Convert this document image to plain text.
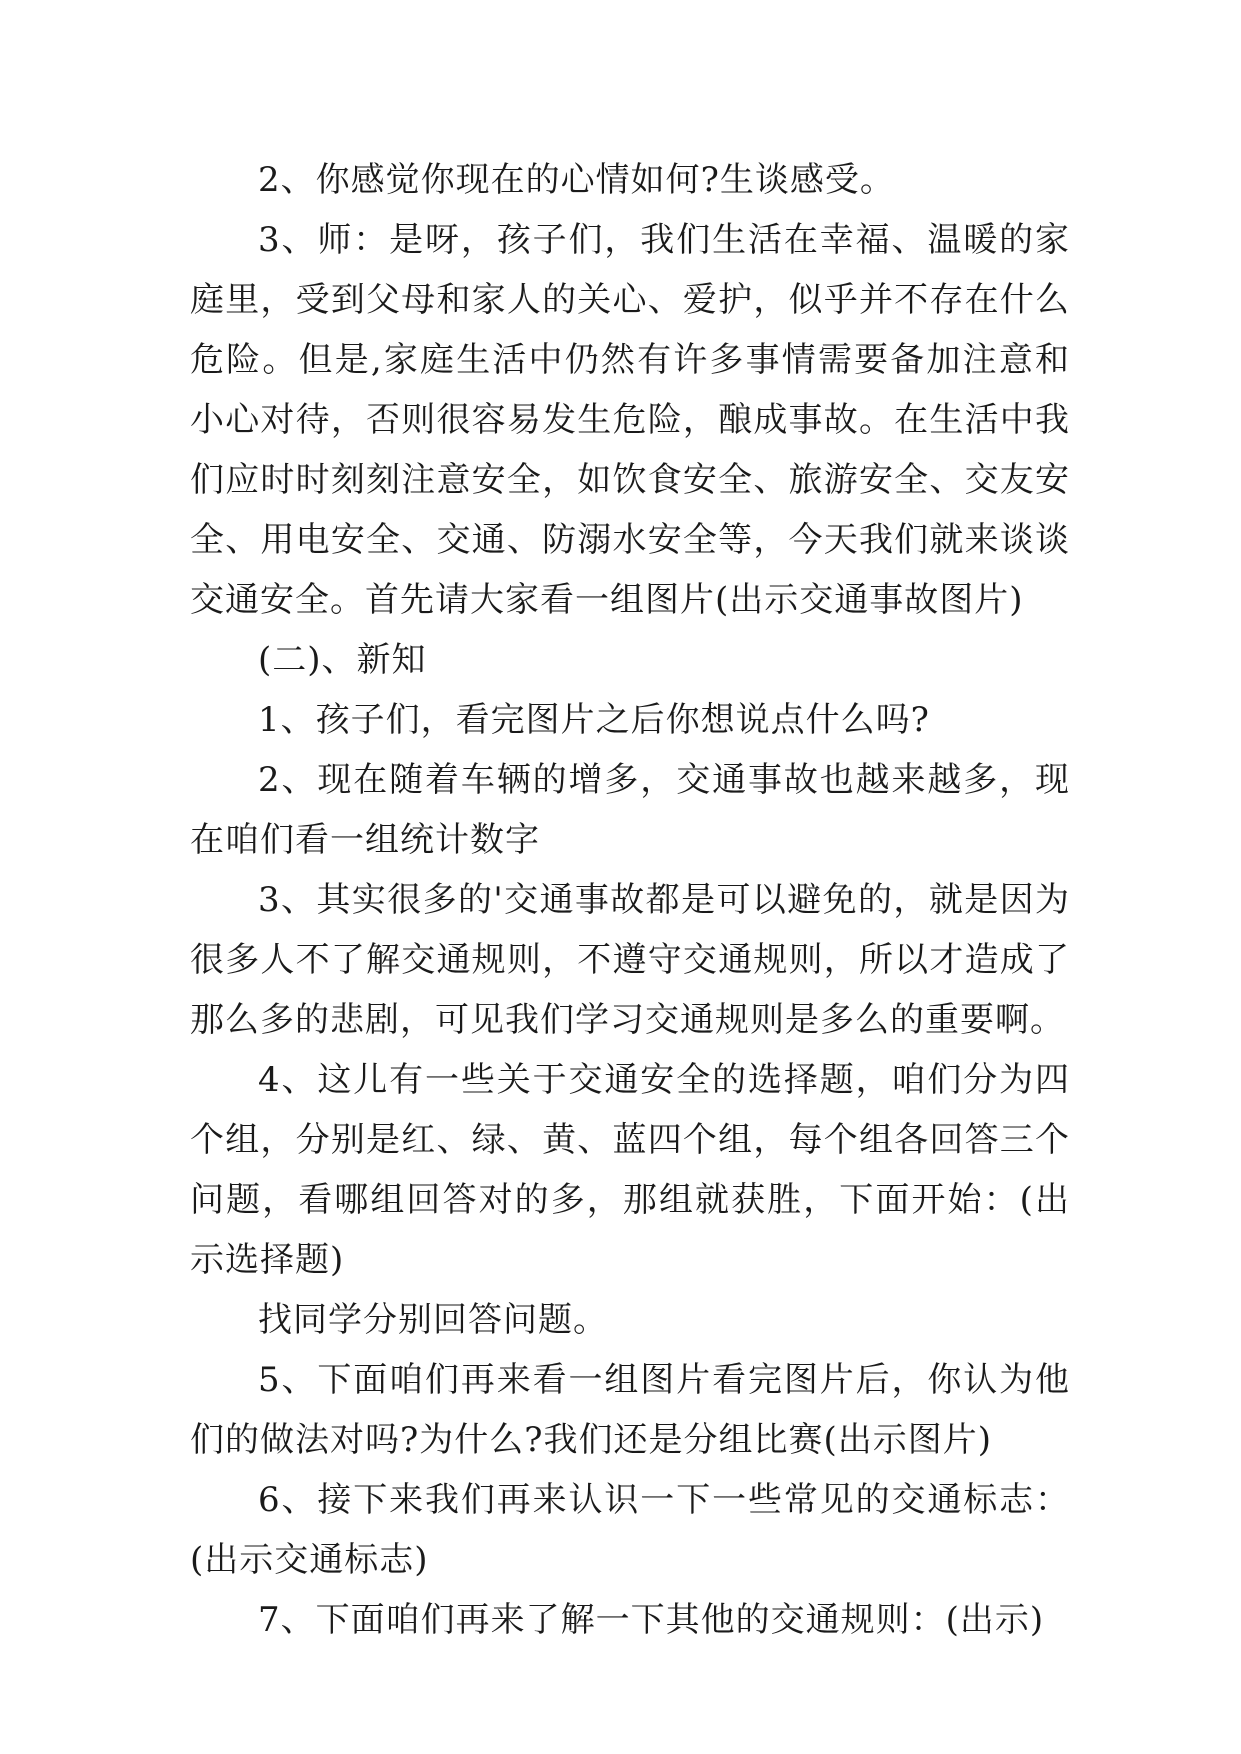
2、你感觉你现在的心情如何?生谈感受。

3、师：是呀，孩子们，我们生活在幸福、温暖的家庭里，受到父母和家人的关心、爱护，似乎并不存在什么危险。但是,家庭生活中仍然有许多事情需要备加注意和小心对待，否则很容易发生危险，酿成事故。在生活中我们应时时刻刻注意安全，如饮食安全、旅游安全、交友安全、用电安全、交通、防溺水安全等，今天我们就来谈谈交通安全。首先请大家看一组图片(出示交通事故图片)

(二)、新知

1、孩子们，看完图片之后你想说点什么吗?

2、现在随着车辆的增多，交通事故也越来越多，现在咱们看一组统计数字

3、其实很多的'交通事故都是可以避免的，就是因为很多人不了解交通规则，不遵守交通规则，所以才造成了那么多的悲剧，可见我们学习交通规则是多么的重要啊。

4、这儿有一些关于交通安全的选择题，咱们分为四个组，分别是红、绿、黄、蓝四个组，每个组各回答三个问题，看哪组回答对的多，那组就获胜，下面开始：(出示选择题)

找同学分别回答问题。

5、下面咱们再来看一组图片看完图片后，你认为他们的做法对吗?为什么?我们还是分组比赛(出示图片)

6、接下来我们再来认识一下一些常见的交通标志：(出示交通标志)

7、下面咱们再来了解一下其他的交通规则：(出示)
